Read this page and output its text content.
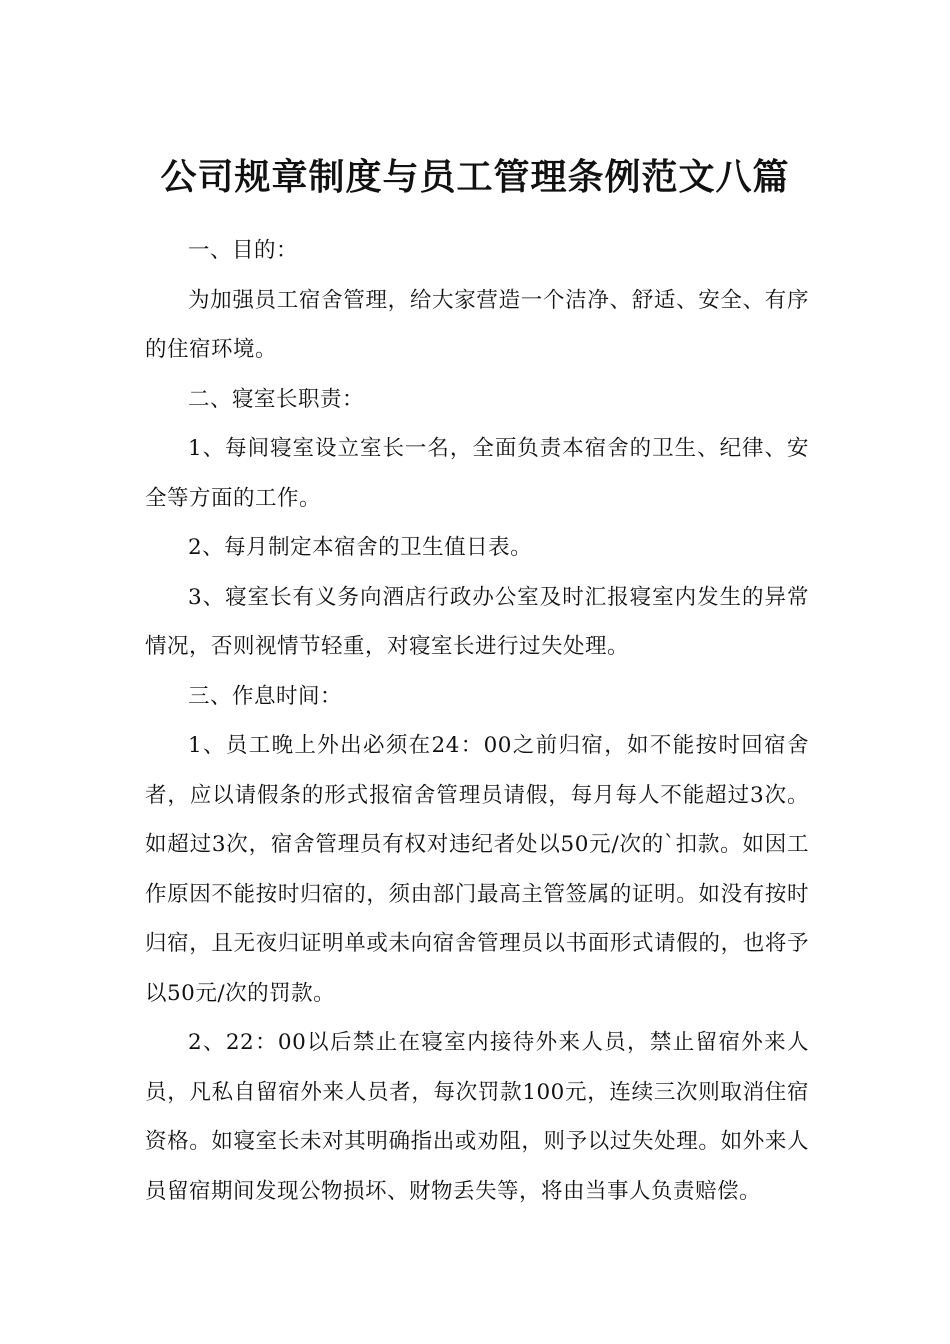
公司规章制度与员工管理条例范文八篇

一、目的：

为加强员工宿舍管理，给大家营造一个洁净、舒适、安全、有序的住宿环境。

二、寝室长职责：

1、每间寝室设立室长一名，全面负责本宿舍的卫生、纪律、安全等方面的工作。

2、每月制定本宿舍的卫生值日表。

3、寝室长有义务向酒店行政办公室及时汇报寝室内发生的异常情况，否则视情节轻重，对寝室长进行过失处理。

三、作息时间：

1、员工晚上外出必须在24：00之前归宿，如不能按时回宿舍者，应以请假条的形式报宿舍管理员请假，每月每人不能超过3次。如超过3次，宿舍管理员有权对违纪者处以50元/次的`扣款。如因工作原因不能按时归宿的，须由部门最高主管签属的证明。如没有按时归宿，且无夜归证明单或未向宿舍管理员以书面形式请假的，也将予以50元/次的罚款。

2、22：00以后禁止在寝室内接待外来人员，禁止留宿外来人员，凡私自留宿外来人员者，每次罚款100元，连续三次则取消住宿资格。如寝室长未对其明确指出或劝阻，则予以过失处理。如外来人员留宿期间发现公物损坏、财物丢失等，将由当事人负责赔偿。
